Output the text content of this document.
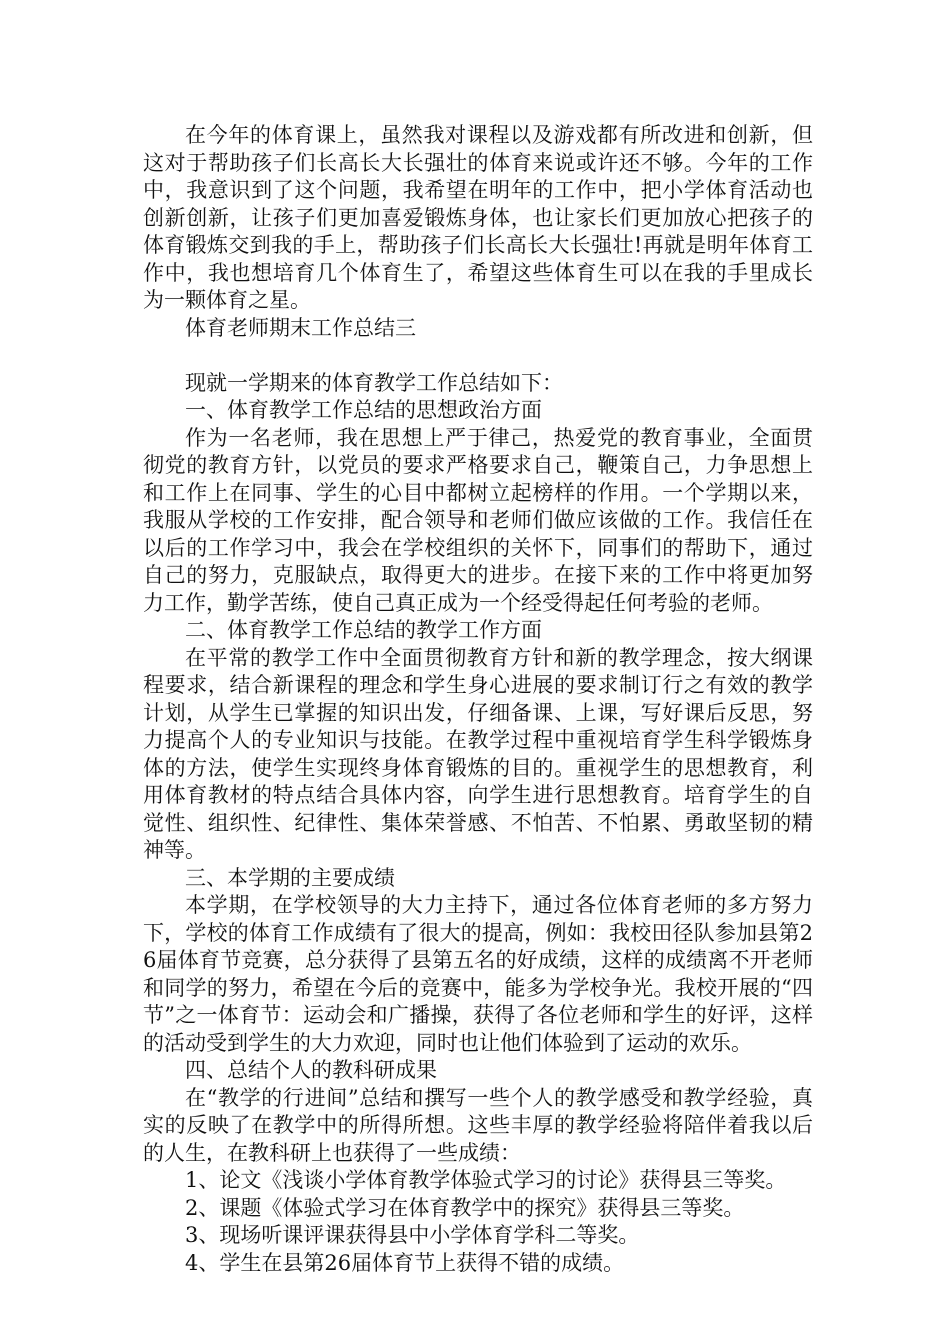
在今年的体育课上，虽然我对课程以及游戏都有所改进和创新，但这对于帮助孩子们长高长大长强壮的体育来说或许还不够。今年的工作中，我意识到了这个问题，我希望在明年的工作中，把小学体育活动也创新创新，让孩子们更加喜爱锻炼身体，也让家长们更加放心把孩子的体育锻炼交到我的手上，帮助孩子们长高长大长强壮!再就是明年体育工作中，我也想培育几个体育生了，希望这些体育生可以在我的手里成长为一颗体育之星。

体育老师期末工作总结三

现就一学期来的体育教学工作总结如下：

一、体育教学工作总结的思想政治方面

作为一名老师，我在思想上严于律己，热爱党的教育事业，全面贯彻党的教育方针，以党员的要求严格要求自己，鞭策自己，力争思想上和工作上在同事、学生的心目中都树立起榜样的作用。一个学期以来，我服从学校的工作安排，配合领导和老师们做应该做的工作。我信任在以后的工作学习中，我会在学校组织的关怀下，同事们的帮助下，通过自己的努力，克服缺点，取得更大的进步。在接下来的工作中将更加努力工作，勤学苦练，使自己真正成为一个经受得起任何考验的老师。

二、体育教学工作总结的教学工作方面

在平常的教学工作中全面贯彻教育方针和新的教学理念，按大纲课程要求，结合新课程的理念和学生身心进展的要求制订行之有效的教学计划，从学生已掌握的知识出发，仔细备课、上课，写好课后反思，努力提高个人的专业知识与技能。在教学过程中重视培育学生科学锻炼身体的方法，使学生实现终身体育锻炼的目的。重视学生的思想教育，利用体育教材的特点结合具体内容，向学生进行思想教育。培育学生的自觉性、组织性、纪律性、集体荣誉感、不怕苦、不怕累、勇敢坚韧的精神等。

三、本学期的主要成绩

本学期，在学校领导的大力主持下，通过各位体育老师的多方努力下，学校的体育工作成绩有了很大的提高，例如：我校田径队参加县第26届体育节竞赛，总分获得了县第五名的好成绩，这样的成绩离不开老师和同学的努力，希望在今后的竞赛中，能多为学校争光。我校开展的“四节”之一体育节：运动会和广播操，获得了各位老师和学生的好评，这样的活动受到学生的大力欢迎，同时也让他们体验到了运动的欢乐。

四、总结个人的教科研成果

在“教学的行进间”总结和撰写一些个人的教学感受和教学经验，真实的反映了在教学中的所得所想。这些丰厚的教学经验将陪伴着我以后的人生，在教科研上也获得了一些成绩：

1、论文《浅谈小学体育教学体验式学习的讨论》获得县三等奖。

2、课题《体验式学习在体育教学中的探究》获得县三等奖。

3、现场听课评课获得县中小学体育学科二等奖。

4、学生在县第26届体育节上获得不错的成绩。
